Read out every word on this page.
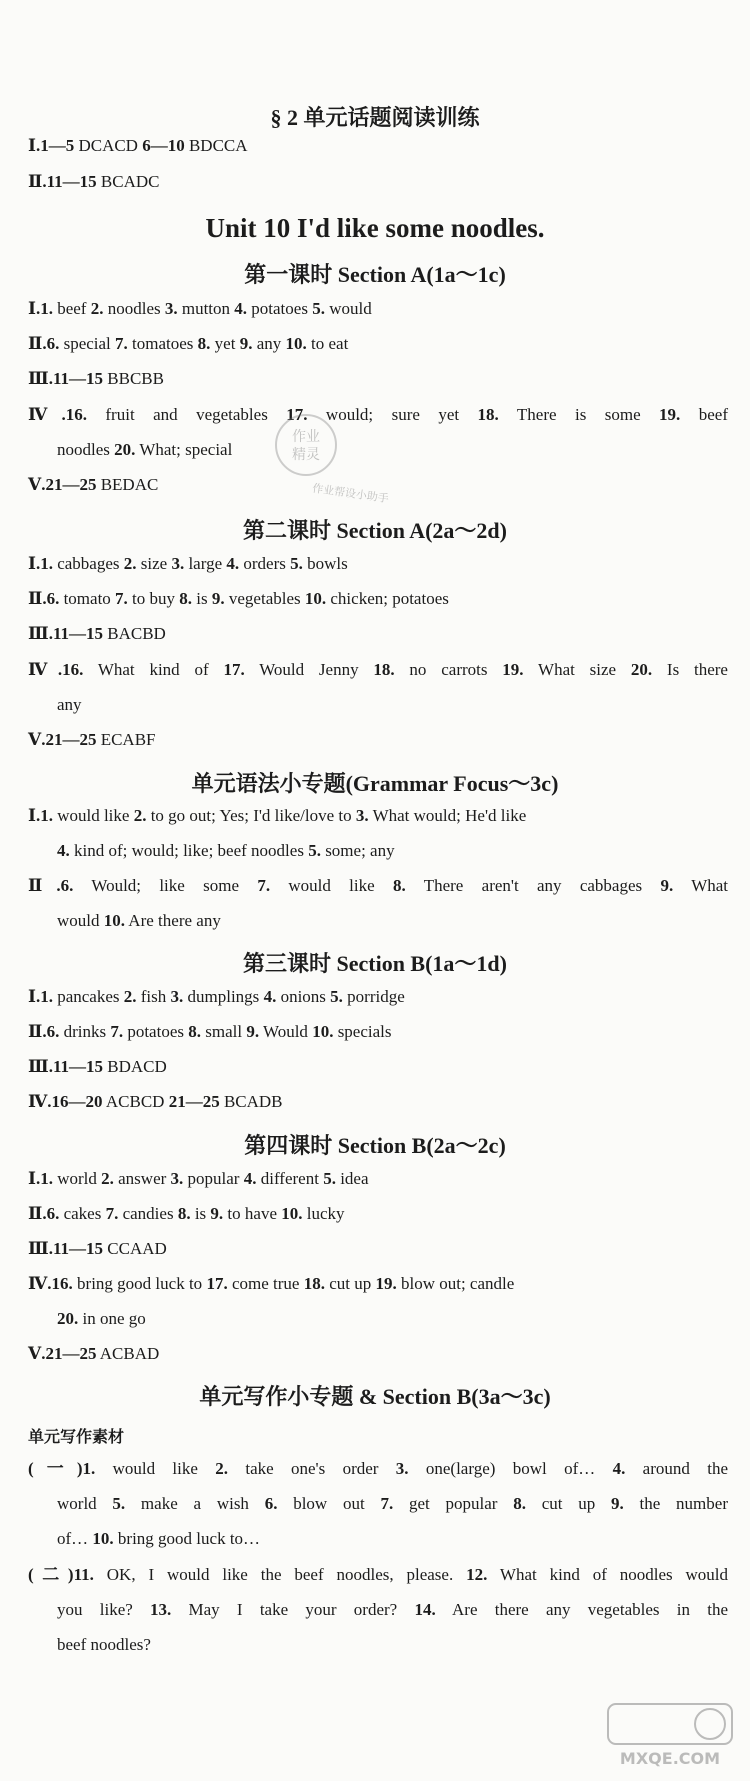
§ 2 单元话题阅读训练
Ⅰ.1—5 DCACD 6—10 BDCCA
Ⅱ.11—15 BCADC
Unit 10 I'd like some noodles.
第一课时 Section A(1a～1c)
Ⅰ.1. beef 2. noodles 3. mutton 4. potatoes 5. would
Ⅱ.6. special 7. tomatoes 8. yet 9. any 10. to eat
Ⅲ.11—15 BBCBB
Ⅳ.16. fruit and vegetables 17. would; sure yet 18. There is some 19. beef
noodles 20. What; special
Ⅴ.21—25 BEDAC
作业
精灵
作业帮设小助手
第二课时 Section A(2a～2d)
Ⅰ.1. cabbages 2. size 3. large 4. orders 5. bowls
Ⅱ.6. tomato 7. to buy 8. is 9. vegetables 10. chicken; potatoes
Ⅲ.11—15 BACBD
Ⅳ.16. What kind of 17. Would Jenny 18. no carrots 19. What size 20. Is there
any
Ⅴ.21—25 ECABF
单元语法小专题(Grammar Focus～3c)
Ⅰ.1. would like 2. to go out; Yes; I'd like/love to 3. What would; He'd like
4. kind of; would; like; beef noodles 5. some; any
Ⅱ.6. Would; like some 7. would like 8. There aren't any cabbages 9. What
would 10. Are there any
第三课时 Section B(1a～1d)
Ⅰ.1. pancakes 2. fish 3. dumplings 4. onions 5. porridge
Ⅱ.6. drinks 7. potatoes 8. small 9. Would 10. specials
Ⅲ.11—15 BDACD
Ⅳ.16—20 ACBCD 21—25 BCADB
第四课时 Section B(2a～2c)
Ⅰ.1. world 2. answer 3. popular 4. different 5. idea
Ⅱ.6. cakes 7. candies 8. is 9. to have 10. lucky
Ⅲ.11—15 CCAAD
Ⅳ.16. bring good luck to 17. come true 18. cut up 19. blow out; candle
20. in one go
Ⅴ.21—25 ACBAD
单元写作小专题 & Section B(3a～3c)
单元写作素材
(一)1. would like 2. take one's order 3. one(large) bowl of… 4. around the
world 5. make a wish 6. blow out 7. get popular 8. cut up 9. the number
of… 10. bring good luck to…
(二)11. OK, I would like the beef noodles, please. 12. What kind of noodles would
you like? 13. May I take your order? 14. Are there any vegetables in the
beef noodles?
MXQE.COM
